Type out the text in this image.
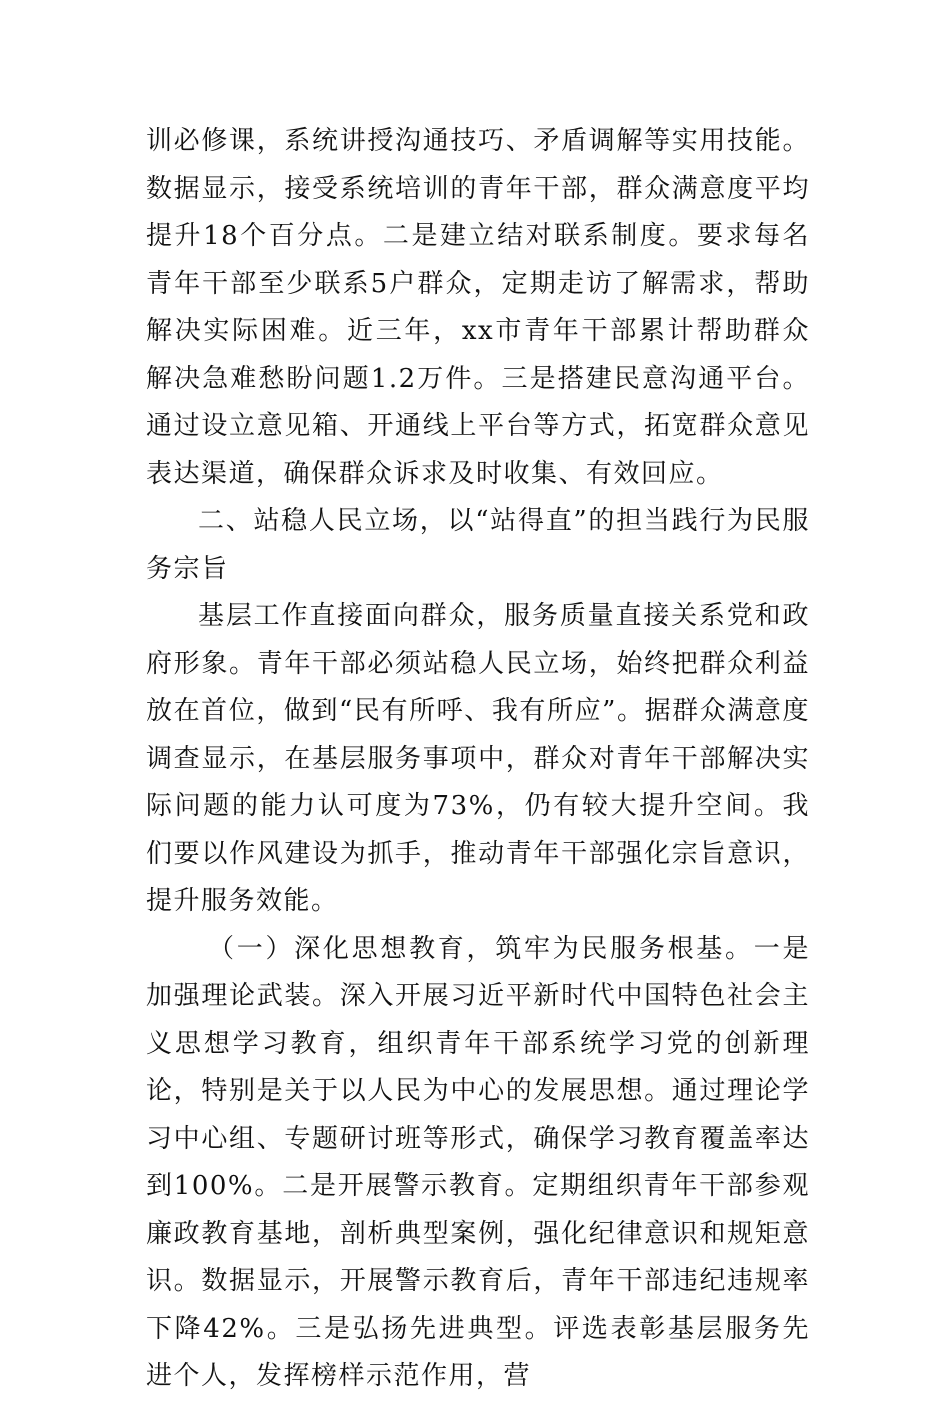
训必修课，系统讲授沟通技巧、矛盾调解等实用技能。数据显示，接受系统培训的青年干部，群众满意度平均提升18个百分点。二是建立结对联系制度。要求每名青年干部至少联系5户群众，定期走访了解需求，帮助解决实际困难。近三年，xx市青年干部累计帮助群众解决急难愁盼问题1.2万件。三是搭建民意沟通平台。通过设立意见箱、开通线上平台等方式，拓宽群众意见表达渠道，确保群众诉求及时收集、有效回应。

二、站稳人民立场，以“站得直”的担当践行为民服务宗旨

基层工作直接面向群众，服务质量直接关系党和政府形象。青年干部必须站稳人民立场，始终把群众利益放在首位，做到“民有所呼、我有所应”。据群众满意度调查显示，在基层服务事项中，群众对青年干部解决实际问题的能力认可度为73%，仍有较大提升空间。我们要以作风建设为抓手，推动青年干部强化宗旨意识，提升服务效能。

（一）深化思想教育，筑牢为民服务根基。一是加强理论武装。深入开展习近平新时代中国特色社会主义思想学习教育，组织青年干部系统学习党的创新理论，特别是关于以人民为中心的发展思想。通过理论学习中心组、专题研讨班等形式，确保学习教育覆盖率达到100%。二是开展警示教育。定期组织青年干部参观廉政教育基地，剖析典型案例，强化纪律意识和规矩意识。数据显示，开展警示教育后，青年干部违纪违规率下降42%。三是弘扬先进典型。评选表彰基层服务先进个人，发挥榜样示范作用，营
